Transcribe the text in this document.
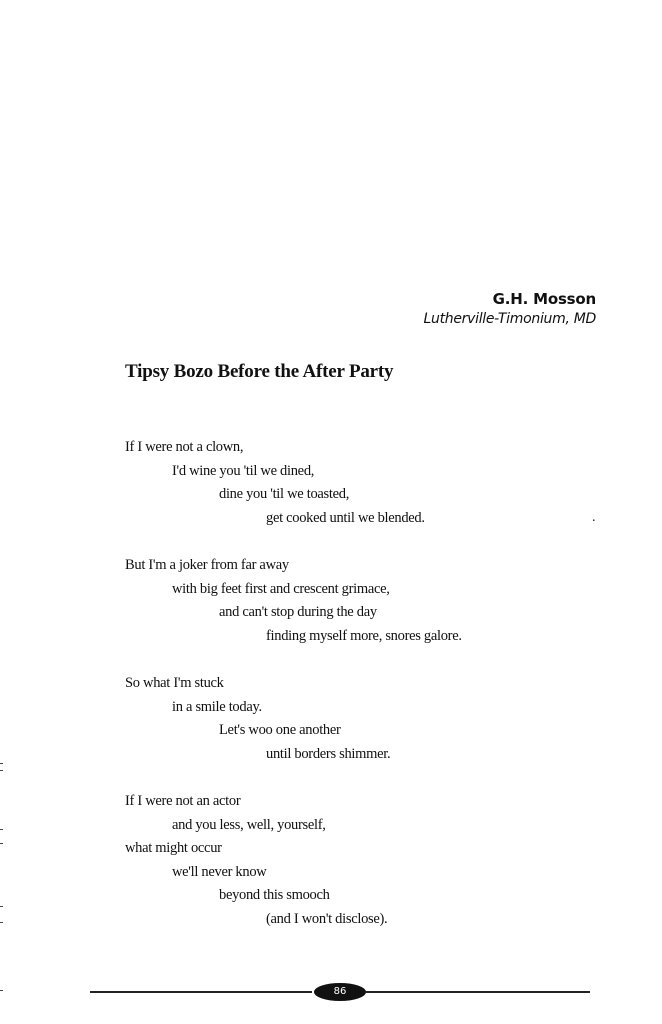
G.H. Mosson
Lutherville-Timonium, MD
Tipsy Bozo Before the After Party
If I were not a clown,
I'd wine you 'til we dined,
dine you 'til we toasted,
get cooked until we blended.
But I'm a joker from far away
with big feet first and crescent grimace,
and can't stop during the day
finding myself more, snores galore.
So what I'm stuck
in a smile today.
Let's woo one another
until borders shimmer.
If I were not an actor
and you less, well, yourself,
what might occur
we'll never know
beyond this smooch
(and I won't disclose).
.
86
